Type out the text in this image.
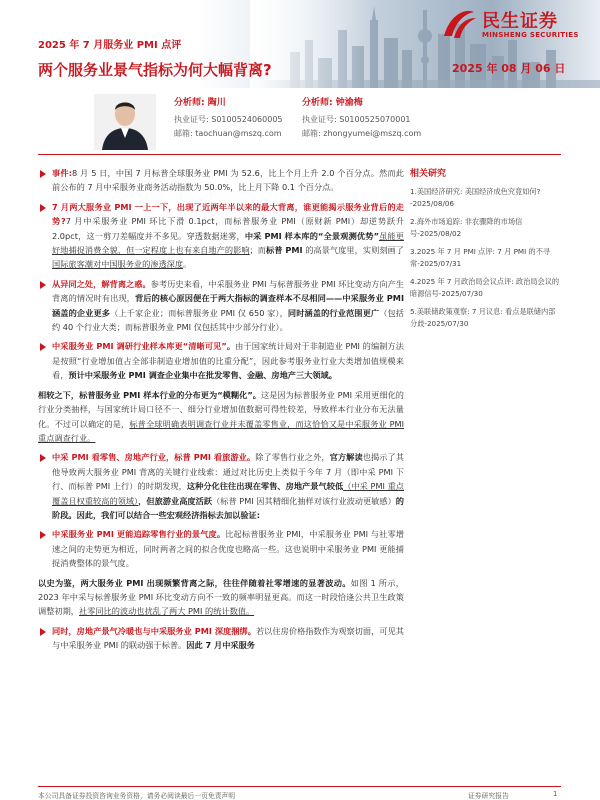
2025 年 7 月服务业 PMI 点评
两个服务业景气指标为何大幅背离?	2025 年 08 月 06 日
民生证券
MINSHENG SECURITIES
分析师: 陶川
执业证号: S0100524060005
邮箱: taochuan@mszq.com
分析师: 钟渝梅
执业证号: S0100525070001
邮箱: zhongyumei@mszq.com
事件:8 月 5 日，中国 7 月标普全球服务业 PMI 为 52.6，比上个月上升 2.0 个百分点。然而此前公布的 7 月中采服务业商务活动指数为 50.0%，比上月下降 0.1 个百分点。
7 月两大服务业 PMI 一上一下，出现了近两年半以来的最大背离，谁更能揭示服务业背后的走势?7 月中采服务业 PMI 环比下滑 0.1pct，而标普服务业 PMI（原财新 PMI）却逆势跃升 2.0pct，这一剪刀差幅度并不多见。穿透数据迷雾，中采 PMI 样本库的“全景观测优势”虽能更好地捕捉消费全貌，但一定程度上也有来自地产的影响；而标普 PMI 的高景气度里，实则刻画了国际旅客潮对中国服务业的渗透深度。
从异同之处，解背离之惑。参考历史来看，中采服务业 PMI 与标普服务业 PMI 环比变动方向产生背离的情况时有出现，背后的核心原因便在于两大指标的调查样本不尽相同——中采服务业 PMI 涵盖的企业更多（上千家企业；而标普服务业 PMI 仅 650 家），同时涵盖的行业范围更广（包括约 40 个行业大类；而标普服务业 PMI 仅包括其中少部分行业）。
中采服务业 PMI 调研行业样本库更“清晰可见”。由于国家统计局对于非制造业 PMI 的编制方法是按照“行业增加值占全部非制造业增加值的比重分配”，因此参考服务业行业大类增加值规模来看，预计中采服务业 PMI 调查企业集中在批发零售、金融、房地产三大领域。
相较之下，标普服务业 PMI 样本行业的分布更为“模糊化”。这是因为标普服务业 PMI 采用更细化的行业分类抽样，与国家统计局口径不一、细分行业增加值数据可得性较差，导致样本行业分布无法量化。不过可以确定的是，标普全球明确表明调查行业并未覆盖零售业，而这恰恰又是中采服务业 PMI 重点调查行业。
中采 PMI 看零售、房地产行业，标普 PMI 看旅游业。除了零售行业之外，官方解读也揭示了其他导致两大服务业 PMI 背离的关键行业线索：通过对比历史上类似于今年 7 月（即中采 PMI 下行、而标普 PMI 上行）的时期发现，这种分化往往出现在零售、房地产景气较低（中采 PMI 重点覆盖且权重较高的领域），但旅游业高度活跃（标普 PMI 因其精细化抽样对该行业波动更敏感）的阶段。因此，我们可以结合一些宏观经济指标去加以验证:
中采服务业 PMI 更能追踪零售行业的景气度。比起标普服务业 PMI，中采服务业 PMI 与社零增速之间的走势更为相近，同时两者之间的拟合优度也略高一些。这也说明中采服务业 PMI 更能捕捉消费整体的景气度。
以史为鉴，两大服务业 PMI 出现频繁背离之际，往往伴随着社零增速的显著波动。如图 1 所示，2023 年中采与标普服务业 PMI 环比变动方向不一致的频率明显更高。而这一时段恰逢公共卫生政策调整初期，社零同比的波动也扰乱了两大 PMI 的统计数值。
同时，房地产景气冷暖也与中采服务业 PMI 深度捆绑。若以住房价格指数作为观察切面，可见其与中采服务业 PMI 的联动强于标普。因此 7 月中采服务
相关研究
1.美国经济研究: 美国经济成色究竟如何? -2025/08/06
2.海外市场追踪: 非农骤降的市场信号-2025/08/02
3.2025 年 7 月 PMI 点评: 7 月 PMI 的不寻常-2025/07/31
4.2025 年 7 月政治局会议点评: 政治局会议的暗源信号-2025/07/30
5.美联储政策观察: 7 月议息: 看点是联储内部分歧-2025/07/30
本公司具备证券投资咨询业务资格，请务必阅读最后一页免责声明	证券研究报告	1
